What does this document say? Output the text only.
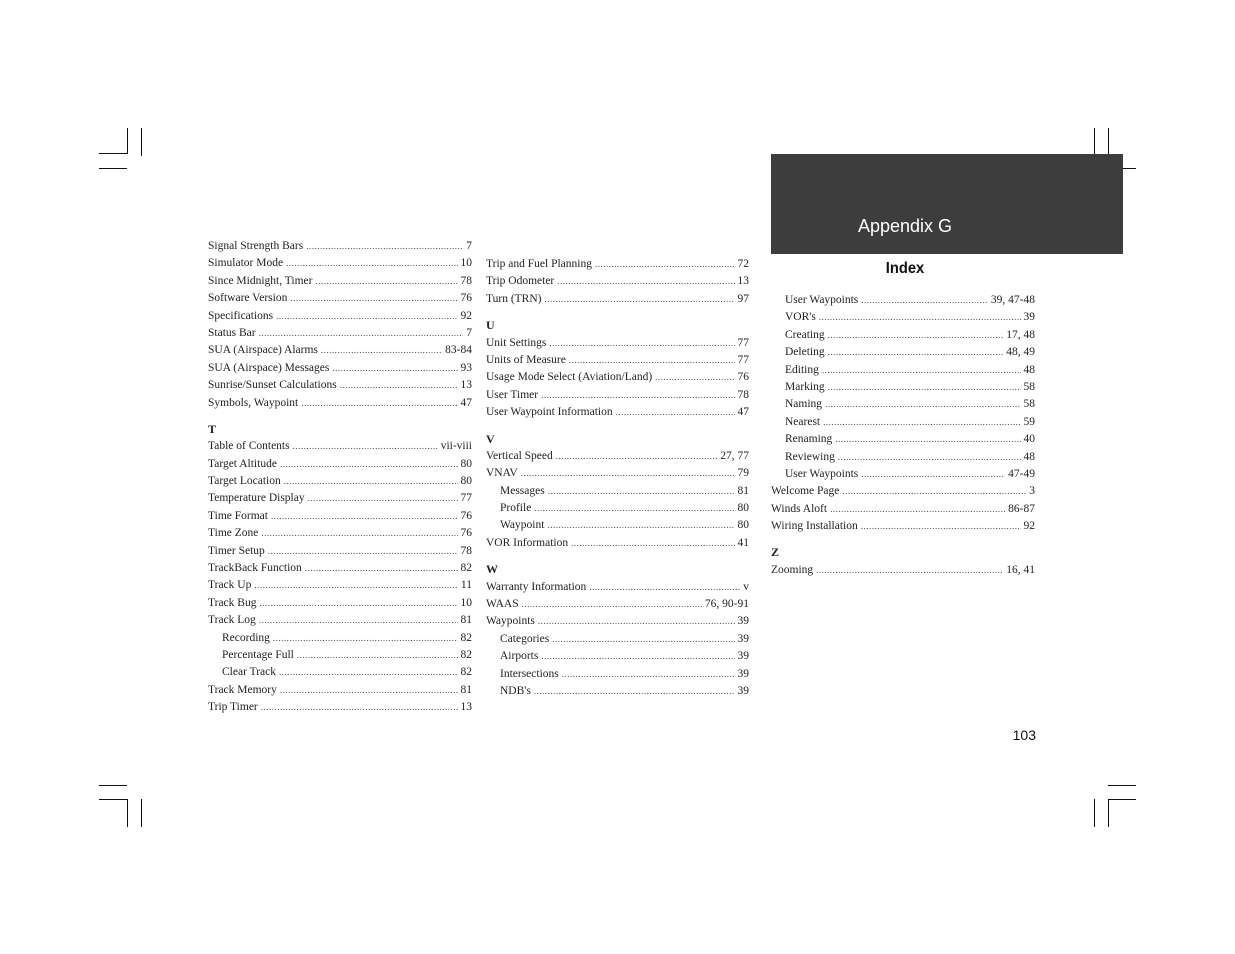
Appendix G
Index
Signal Strength Bars .....	7
Simulator Mode .....	10
Since Midnight, Timer .....	78
Software Version .....	76
Specifications .....	92
Status Bar .....	7
SUA (Airspace) Alarms .....	83-84
SUA (Airspace) Messages .....	93
Sunrise/Sunset Calculations .....	13
Symbols, Waypoint .....	47
T
Table of Contents .....	vii-viii
Target Altitude .....	80
Target Location .....	80
Temperature Display .....	77
Time Format .....	76
Time Zone .....	76
Timer Setup .....	78
TrackBack Function .....	82
Track Up .....	11
Track Bug .....	10
Track Log .....	81
Recording .....	82
Percentage Full .....	82
Clear Track .....	82
Track Memory .....	81
Trip Timer .....	13
Trip and Fuel Planning .....	72
Trip Odometer .....	13
Turn (TRN) .....	97
U
Unit Settings .....	77
Units of Measure .....	77
Usage Mode Select (Aviation/Land) .....	76
User Timer .....	78
User Waypoint Information .....	47
V
Vertical Speed .....	27, 77
VNAV .....	79
Messages .....	81
Profile .....	80
Waypoint .....	80
VOR Information .....	41
W
Warranty Information .....	v
WAAS .....	76, 90-91
Waypoints .....	39
Categories .....	39
Airports .....	39
Intersections .....	39
NDB's .....	39
User Waypoints .....	39, 47-48
VOR's .....	39
Creating .....	17, 48
Deleting .....	48, 49
Editing .....	48
Marking .....	58
Naming .....	58
Nearest .....	59
Renaming .....	40
Reviewing .....	48
User Waypoints .....	47-49
Welcome Page .....	3
Winds Aloft .....	86-87
Wiring Installation .....	92
Z
Zooming .....	16, 41
103
